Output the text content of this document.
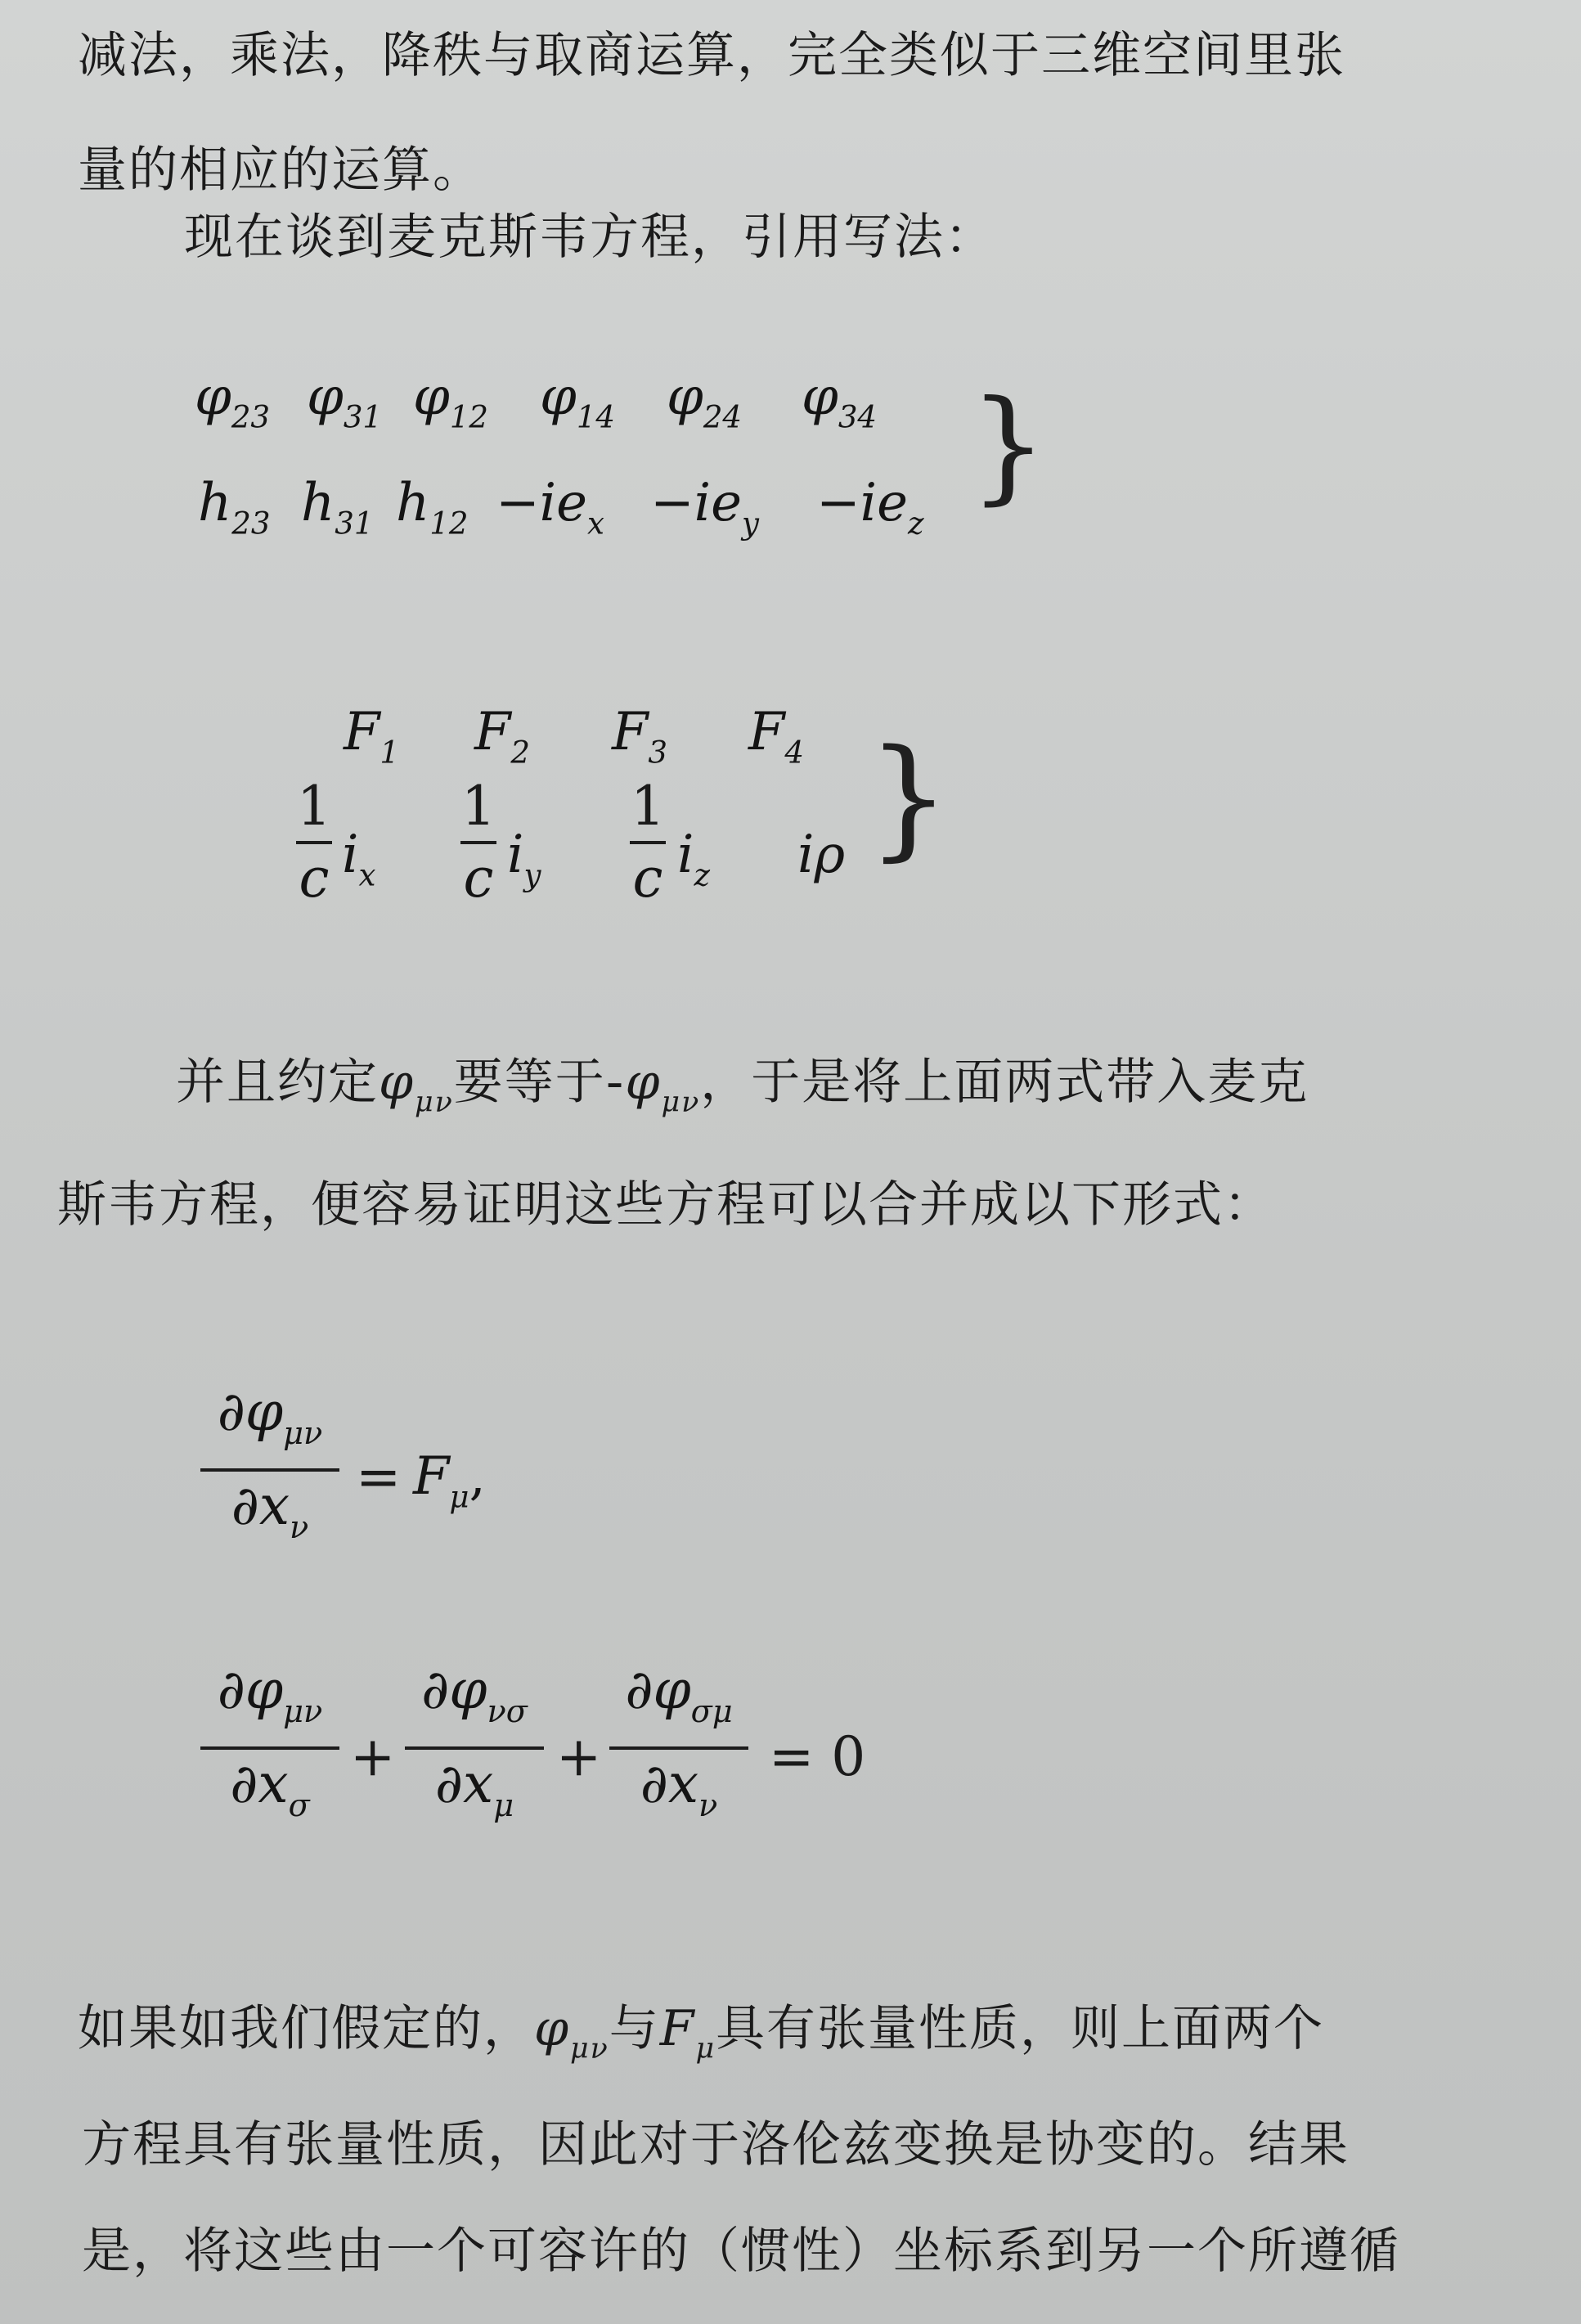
减法，乘法，降秩与取商运算，完全类似于三维空间里张
量的相应的运算。
现在谈到麦克斯韦方程，引用写法：
$\varphi_{23}$ $\varphi_{31}$ $\varphi_{12}$ $\varphi_{14}$ $\varphi_{24}$ $\varphi_{34}$
$h_{23}$ $h_{31}$ $h_{12} -ie_x -ie_y -ie_z$
}
$F_1$ $F_2$ $F_3$ $F_4$
1
c $i_x$
1
c $i_y$
1
c $i_z$ iρ }
并且约定$\varphi_{\mu\nu}$要等于$-\varphi_{\mu\nu}$，于是将上面两式带入麦克
斯韦方程，便容易证明这些方程可以合并成以下形式：
$\partial\varphi_{\mu\nu}$
$\partial x_\nu$
= $F_\mu$,
$\partial\varphi_{\mu\nu}$
$\partial x_\sigma$
+
$\partial\varphi_{\nu\sigma}$
$\partial x_\mu$
+
$\partial\varphi_{\sigma\mu}$
$\partial x_\nu$
= 0
如果如我们假定的，$\varphi_{\mu\nu}$与$F_\mu$具有张量性质，则上面两个
方程具有张量性质，因此对于洛伦兹变换是协变的。结果
是，将这些由一个可容许的（惯性）坐标系到另一个所遵循
